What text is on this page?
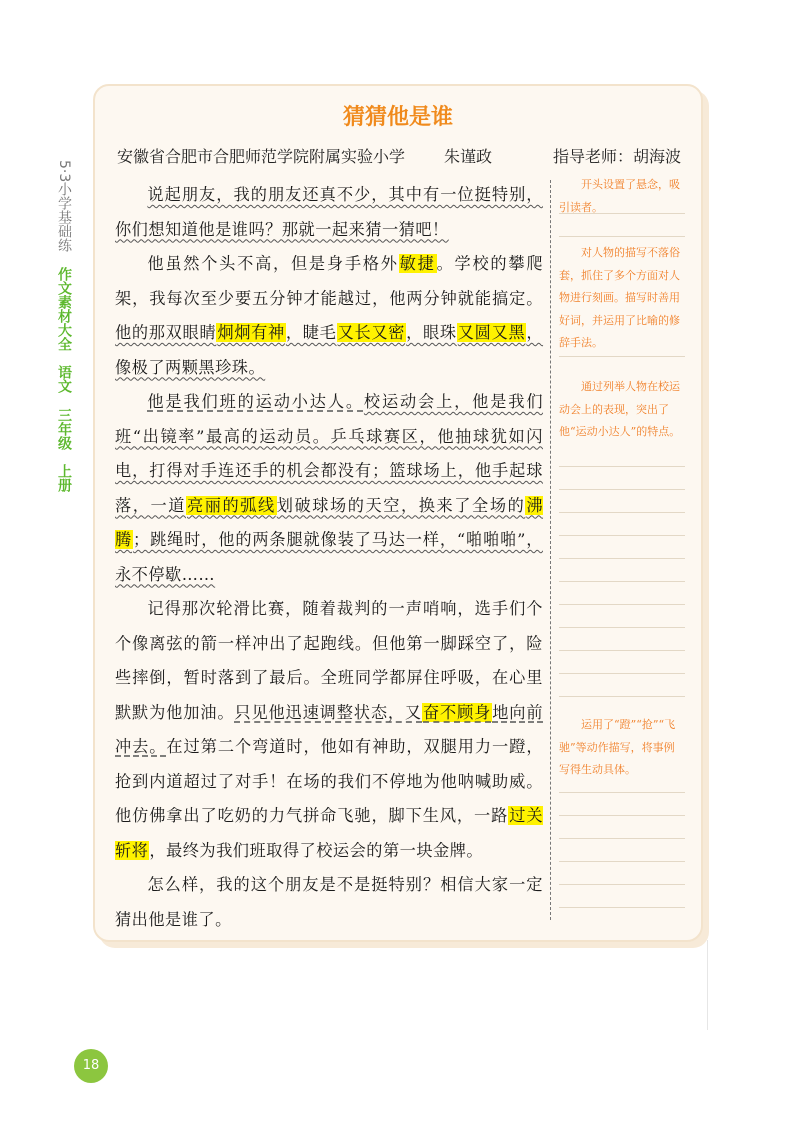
5·3小学基础练 作文素材大全 语文 三年级 上册
猜猜他是谁
安徽省合肥市合肥师范学院附属实验小学 朱谨政	指导老师：胡海波

说起朋友，我的朋友还真不少，其中有一位挺特别，你们想知道他是谁吗？那就一起来猜一猜吧！

他虽然个头不高，但是身手格外敏捷。学校的攀爬架，我每次至少要五分钟才能越过，他两分钟就能搞定。他的那双眼睛炯炯有神，睫毛又长又密，眼珠又圆又黑，像极了两颗黑珍珠。

他是我们班的运动小达人。校运动会上，他是我们班“出镜率”最高的运动员。乒乓球赛区，他抽球犹如闪电，打得对手连还手的机会都没有；篮球场上，他手起球落，一道亮丽的弧线划破球场的天空，换来了全场的沸腾；跳绳时，他的两条腿就像装了马达一样，“啪啪啪”，永不停歇……

记得那次轮滑比赛，随着裁判的一声哨响，选手们个个像离弦的箭一样冲出了起跑线。但他第一脚踩空了，险些摔倒，暂时落到了最后。全班同学都屏住呼吸，在心里默默为他加油。只见他迅速调整状态，又奋不顾身地向前冲去。在过第二个弯道时，他如有神助，双腿用力一蹬，抢到内道超过了对手！在场的我们不停地为他呐喊助威。他仿佛拿出了吃奶的力气拼命飞驰，脚下生风，一路过关斩将，最终为我们班取得了校运会的第一块金牌。

怎么样，我的这个朋友是不是挺特别？相信大家一定猜出他是谁了。

开头设置了悬念，吸引读者。
对人物的描写不落俗套，抓住了多个方面对人物进行刻画。描写时善用好词，并运用了比喻的修辞手法。
通过列举人物在校运动会上的表现，突出了他“运动小达人”的特点。
运用了“蹬”“抢”“飞驰”等动作描写，将事例写得生动具体。
18
